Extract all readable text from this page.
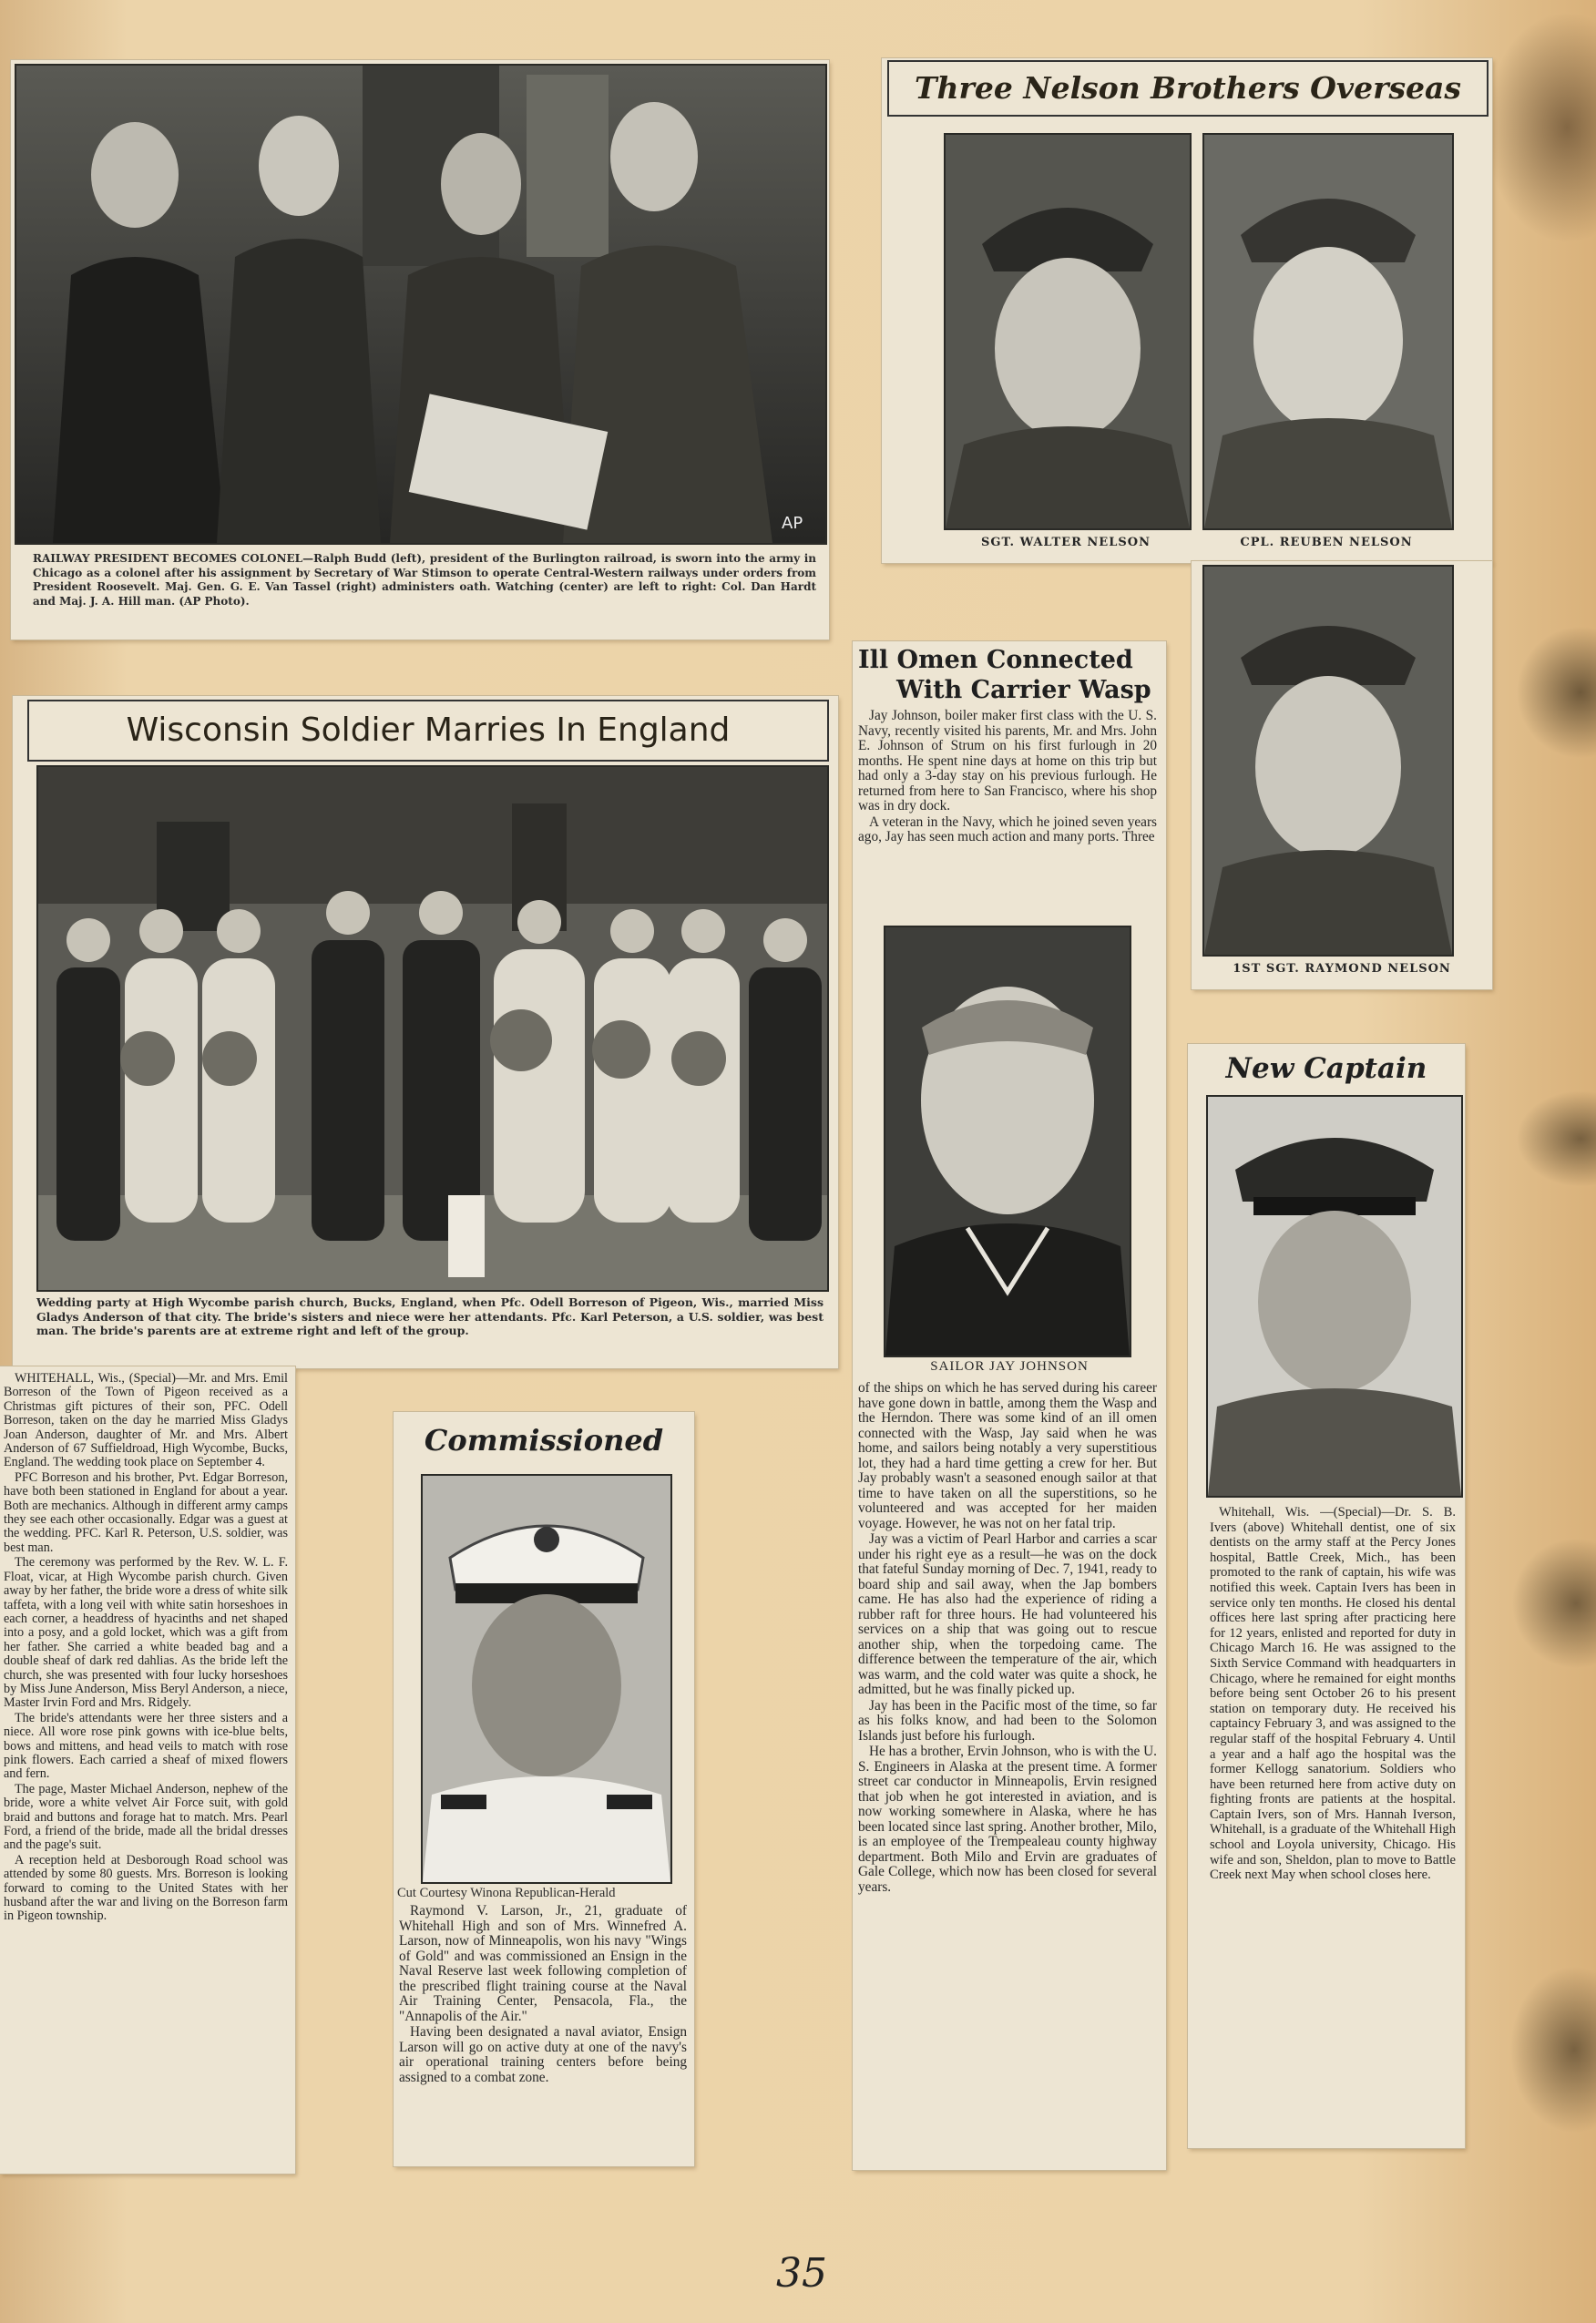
AP
RAILWAY PRESIDENT BECOMES COLONEL—Ralph Budd (left), president of the Burlington railroad, is sworn into the army in Chicago as a colonel after his assignment by Secretary of War Stimson to operate Central-Western railways under orders from President Roosevelt. Maj. Gen. G. E. Van Tassel (right) administers oath. Watching (center) are left to right: Col. Dan Hardt and Maj. J. A. Hill man. (AP Photo).
Three Nelson Brothers Overseas
SGT. WALTER NELSON	CPL. REUBEN NELSON
1ST SGT. RAYMOND NELSON
Ill Omen Connected
With Carrier Wasp

Jay Johnson, boiler maker first class with the U. S. Navy, recently visited his parents, Mr. and Mrs. John E. Johnson of Strum on his first furlough in 20 months. He spent nine days at home on this trip but had only a 3-day stay on his previous furlough. He returned from here to San Francisco, where his shop was in dry dock.

A veteran in the Navy, which he joined seven years ago, Jay has seen much action and many ports. Three

SAILOR JAY JOHNSON

of the ships on which he has served during his career have gone down in battle, among them the Wasp and the Herndon. There was some kind of an ill omen connected with the Wasp, Jay said when he was home, and sailors being notably a very superstitious lot, they had a hard time getting a crew for her. But Jay probably wasn't a seasoned enough sailor at that time to have taken on all the superstitions, so he volunteered and was accepted for her maiden voyage. However, he was not on her fatal trip.

Jay was a victim of Pearl Harbor and carries a scar under his right eye as a result—he was on the dock that fateful Sunday morning of Dec. 7, 1941, ready to board ship and sail away, when the Jap bombers came. He has also had the experience of riding a rubber raft for three hours. He had volunteered his services on a ship that was going out to rescue another ship, when the torpedoing came. The difference between the temperature of the air, which was warm, and the cold water was quite a shock, he admitted, but he was finally picked up.

Jay has been in the Pacific most of the time, so far as his folks know, and had been to the Solomon Islands just before his furlough.

He has a brother, Ervin Johnson, who is with the U. S. Engineers in Alaska at the present time. A former street car conductor in Minneapolis, Ervin resigned that job when he got interested in aviation, and is now working somewhere in Alaska, where he has been located since last spring. Another brother, Milo, is an employee of the Trempealeau county highway department. Both Milo and Ervin are graduates of Gale College, which now has been closed for several years.

Wisconsin Soldier Marries In England
Wedding party at High Wycombe parish church, Bucks, England, when Pfc. Odell Borreson of Pigeon, Wis., married Miss Gladys Anderson of that city. The bride's sisters and niece were her attendants. Pfc. Karl Peterson, a U.S. soldier, was best man. The bride's parents are at extreme right and left of the group.

WHITEHALL, Wis., (Special)—Mr. and Mrs. Emil Borreson of the Town of Pigeon received as a Christmas gift pictures of their son, PFC. Odell Borreson, taken on the day he married Miss Gladys Joan Anderson, daughter of Mr. and Mrs. Albert Anderson of 67 Suffieldroad, High Wycombe, Bucks, England. The wedding took place on September 4.

PFC Borreson and his brother, Pvt. Edgar Borreson, have both been stationed in England for about a year. Both are mechanics. Although in different army camps they see each other occasionally. Edgar was a guest at the wedding. PFC. Karl R. Peterson, U.S. soldier, was best man.

The ceremony was performed by the Rev. W. L. F. Float, vicar, at High Wycombe parish church. Given away by her father, the bride wore a dress of white silk taffeta, with a long veil with white satin horseshoes in each corner, a headdress of hyacinths and net shaped into a posy, and a gold locket, which was a gift from her father. She carried a white beaded bag and a double sheaf of dark red dahlias. As the bride left the church, she was presented with four lucky horseshoes by Miss June Anderson, Miss Beryl Anderson, a niece, Master Irvin Ford and Mrs. Ridgely.

The bride's attendants were her three sisters and a niece. All wore rose pink gowns with ice-blue belts, bows and mittens, and head veils to match with rose pink flowers. Each carried a sheaf of mixed flowers and fern.

The page, Master Michael Anderson, nephew of the bride, wore a white velvet Air Force suit, with gold braid and buttons and forage hat to match. Mrs. Pearl Ford, a friend of the bride, made all the bridal dresses and the page's suit.

A reception held at Desborough Road school was attended by some 80 guests. Mrs. Borreson is looking forward to coming to the United States with her husband after the war and living on the Borreson farm in Pigeon township.

Commissioned
Cut Courtesy Winona Republican-Herald

Raymond V. Larson, Jr., 21, graduate of Whitehall High and son of Mrs. Winnefred A. Larson, now of Minneapolis, won his navy "Wings of Gold" and was commissioned an Ensign in the Naval Reserve last week following completion of the prescribed flight training course at the Naval Air Training Center, Pensacola, Fla., the "Annapolis of the Air."

Having been designated a naval aviator, Ensign Larson will go on active duty at one of the navy's air operational training centers before being assigned to a combat zone.

New Captain

Whitehall, Wis. —(Special)—Dr. S. B. Ivers (above) Whitehall dentist, one of six dentists on the army staff at the Percy Jones hospital, Battle Creek, Mich., has been promoted to the rank of captain, his wife was notified this week. Captain Ivers has been in service only ten months. He closed his dental offices here last spring after practicing here for 12 years, enlisted and reported for duty in Chicago March 16. He was assigned to the Sixth Service Command with headquarters in Chicago, where he remained for eight months before being sent October 26 to his present station on temporary duty. He received his captaincy February 3, and was assigned to the regular staff of the hospital February 4. Until a year and a half ago the hospital was the former Kellogg sanatorium. Soldiers who have been returned here from active duty on fighting fronts are patients at the hospital. Captain Ivers, son of Mrs. Hannah Iverson, Whitehall, is a graduate of the Whitehall High school and Loyola university, Chicago. His wife and son, Sheldon, plan to move to Battle Creek next May when school closes here.

35
